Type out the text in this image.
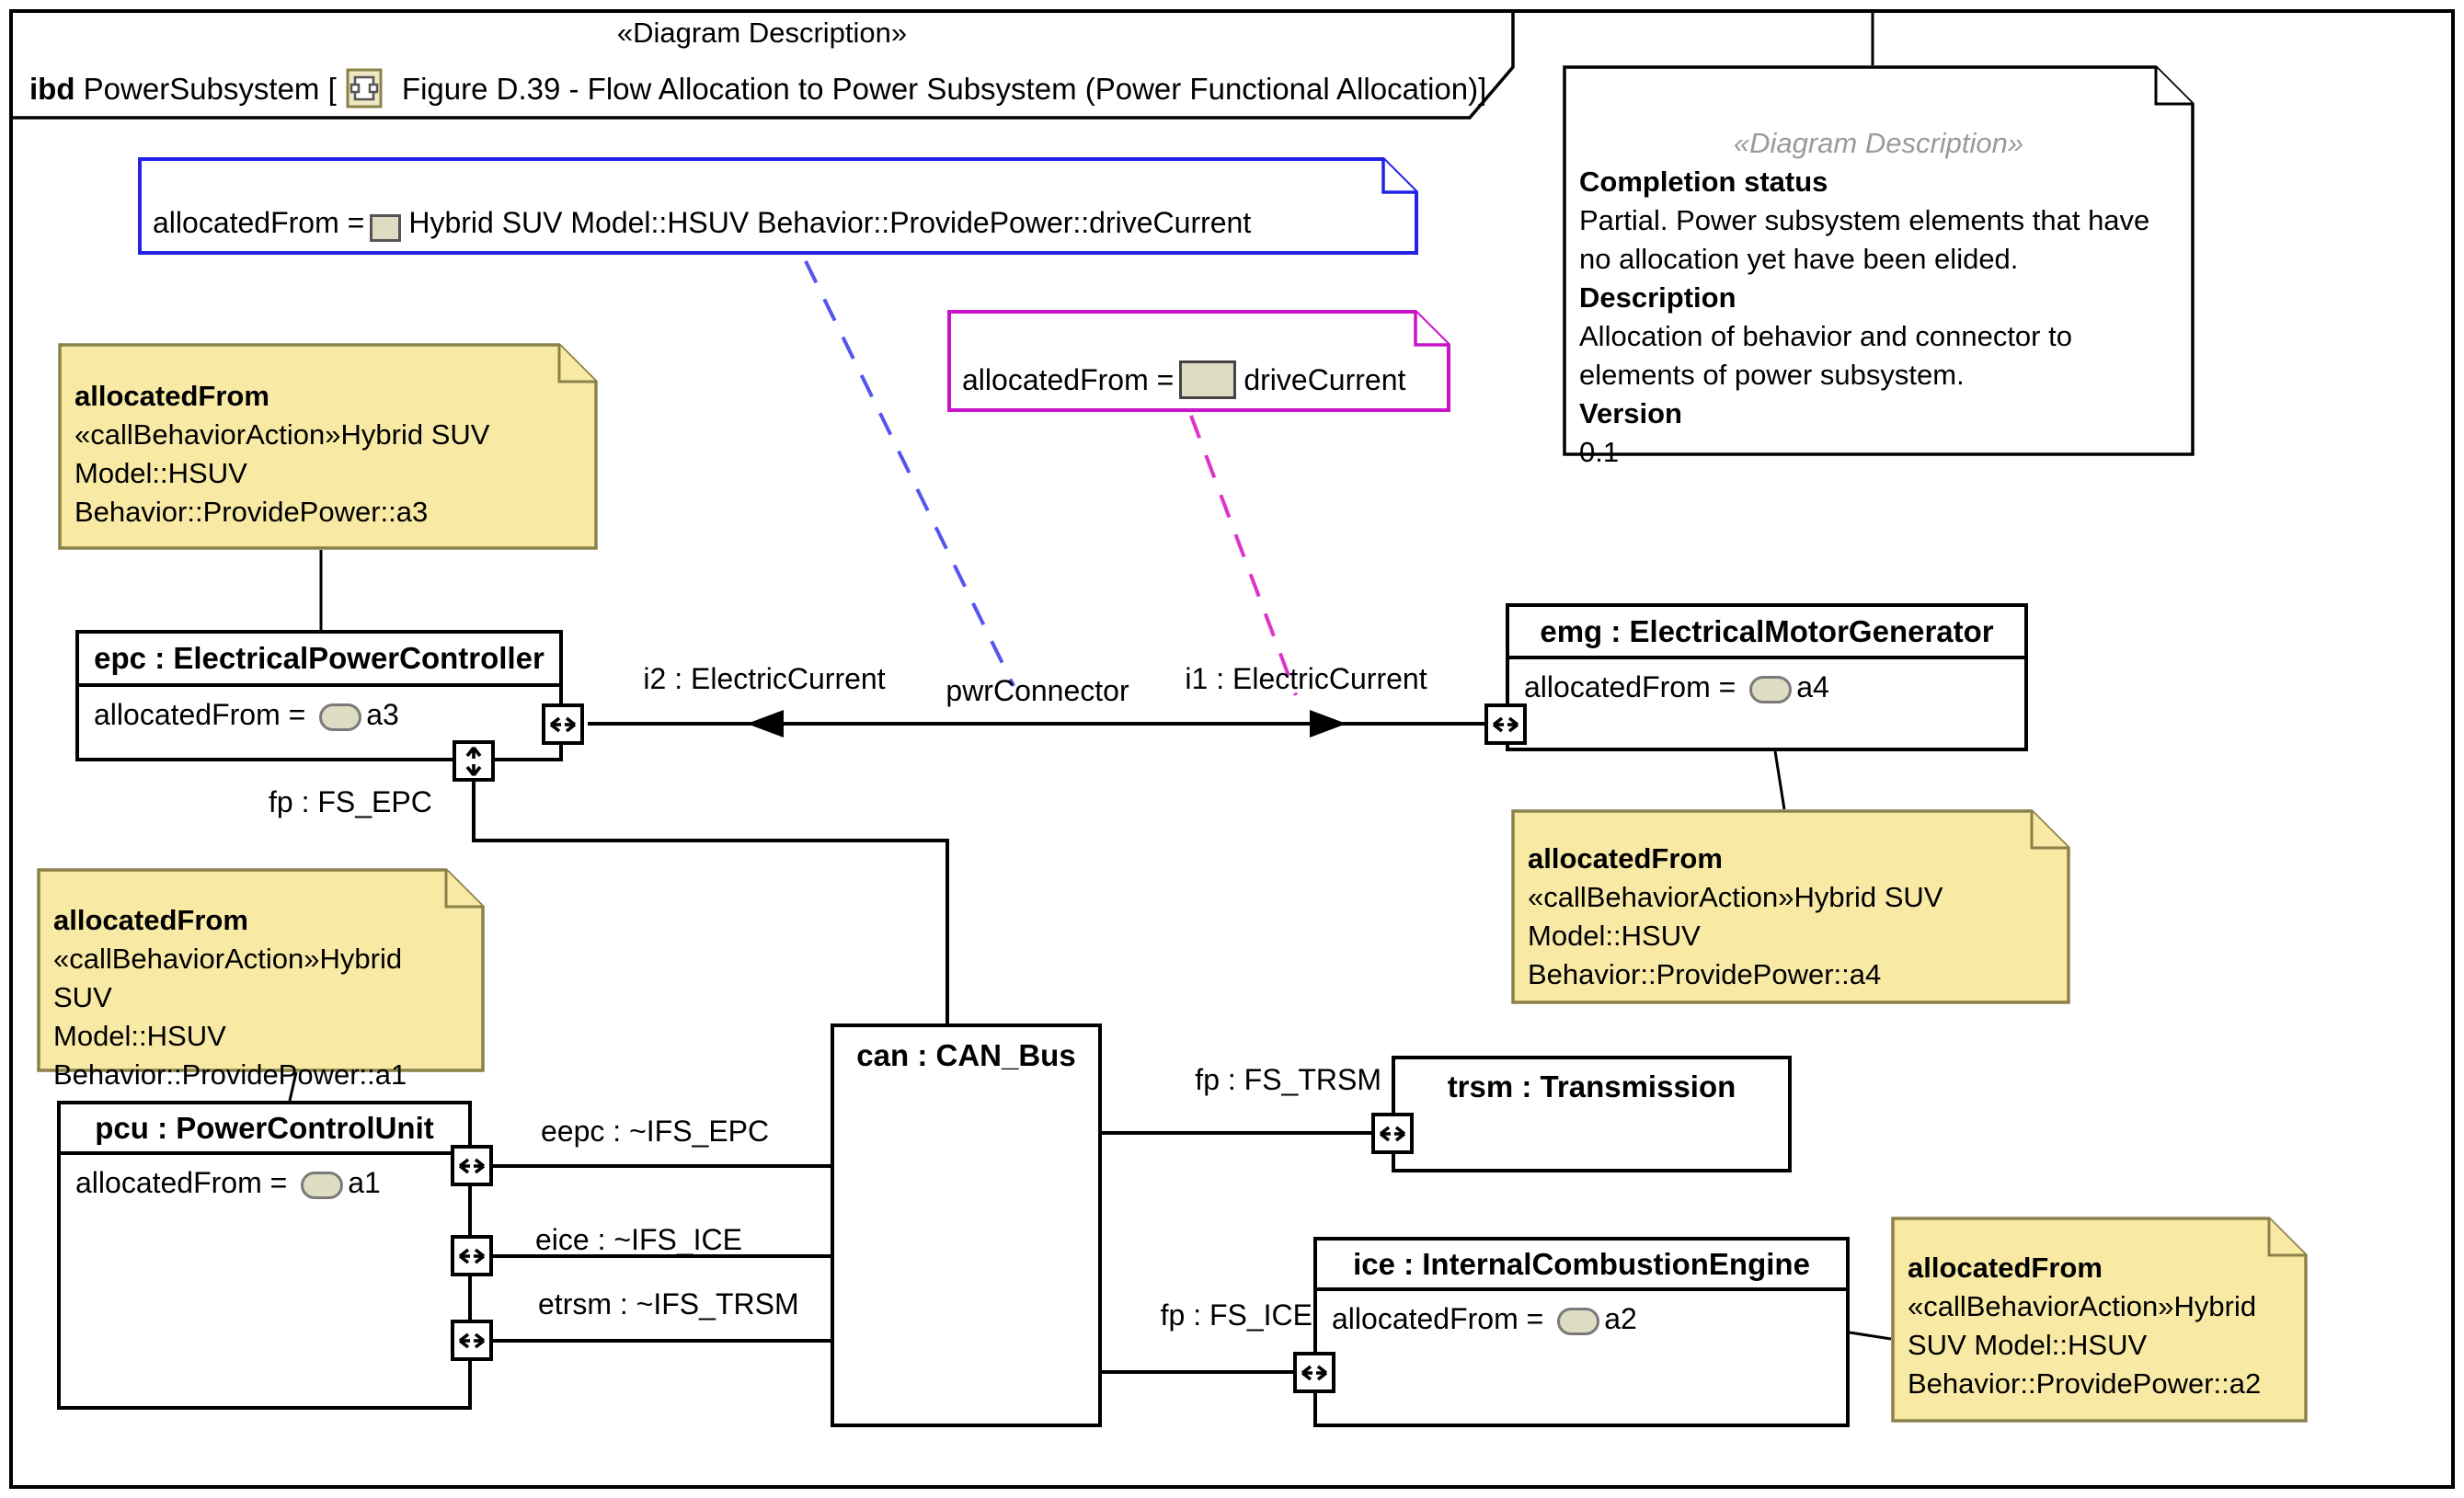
«Diagram Description»
ibd PowerSubsystem [ Figure D.39 - Flow Allocation to Power Subsystem (Power Functional Allocation)]
«Diagram Description»
Completion status
Partial. Power subsystem elements that have no allocation yet have been elided.
Description
Allocation of behavior and connector to elements of power subsystem.
Version
0.1
allocatedFrom = Hybrid SUV Model::HSUV Behavior::ProvidePower::driveCurrent
allocatedFrom = driveCurrent
allocatedFrom
«callBehaviorAction»Hybrid SUV
Model::HSUV
Behavior::ProvidePower::a3
allocatedFrom
«callBehaviorAction»Hybrid SUV
Model::HSUV
Behavior::ProvidePower::a1
allocatedFrom
«callBehaviorAction»Hybrid SUV
Model::HSUV
Behavior::ProvidePower::a4
allocatedFrom
«callBehaviorAction»Hybrid
SUV Model::HSUV
Behavior::ProvidePower::a2
epc : ElectricalPowerController
allocatedFrom = a3
emg : ElectricalMotorGenerator
allocatedFrom = a4
pcu : PowerControlUnit
allocatedFrom = a1
can : CAN_Bus
trsm : Transmission
ice : InternalCombustionEngine
allocatedFrom = a2
i2 : ElectricCurrent	pwrConnector	i1 : ElectricCurrent
fp : FS_EPC
fp : FS_TRSM
fp : FS_ICE
eepc : ~IFS_EPC
eice : ~IFS_ICE
etrsm : ~IFS_TRSM
